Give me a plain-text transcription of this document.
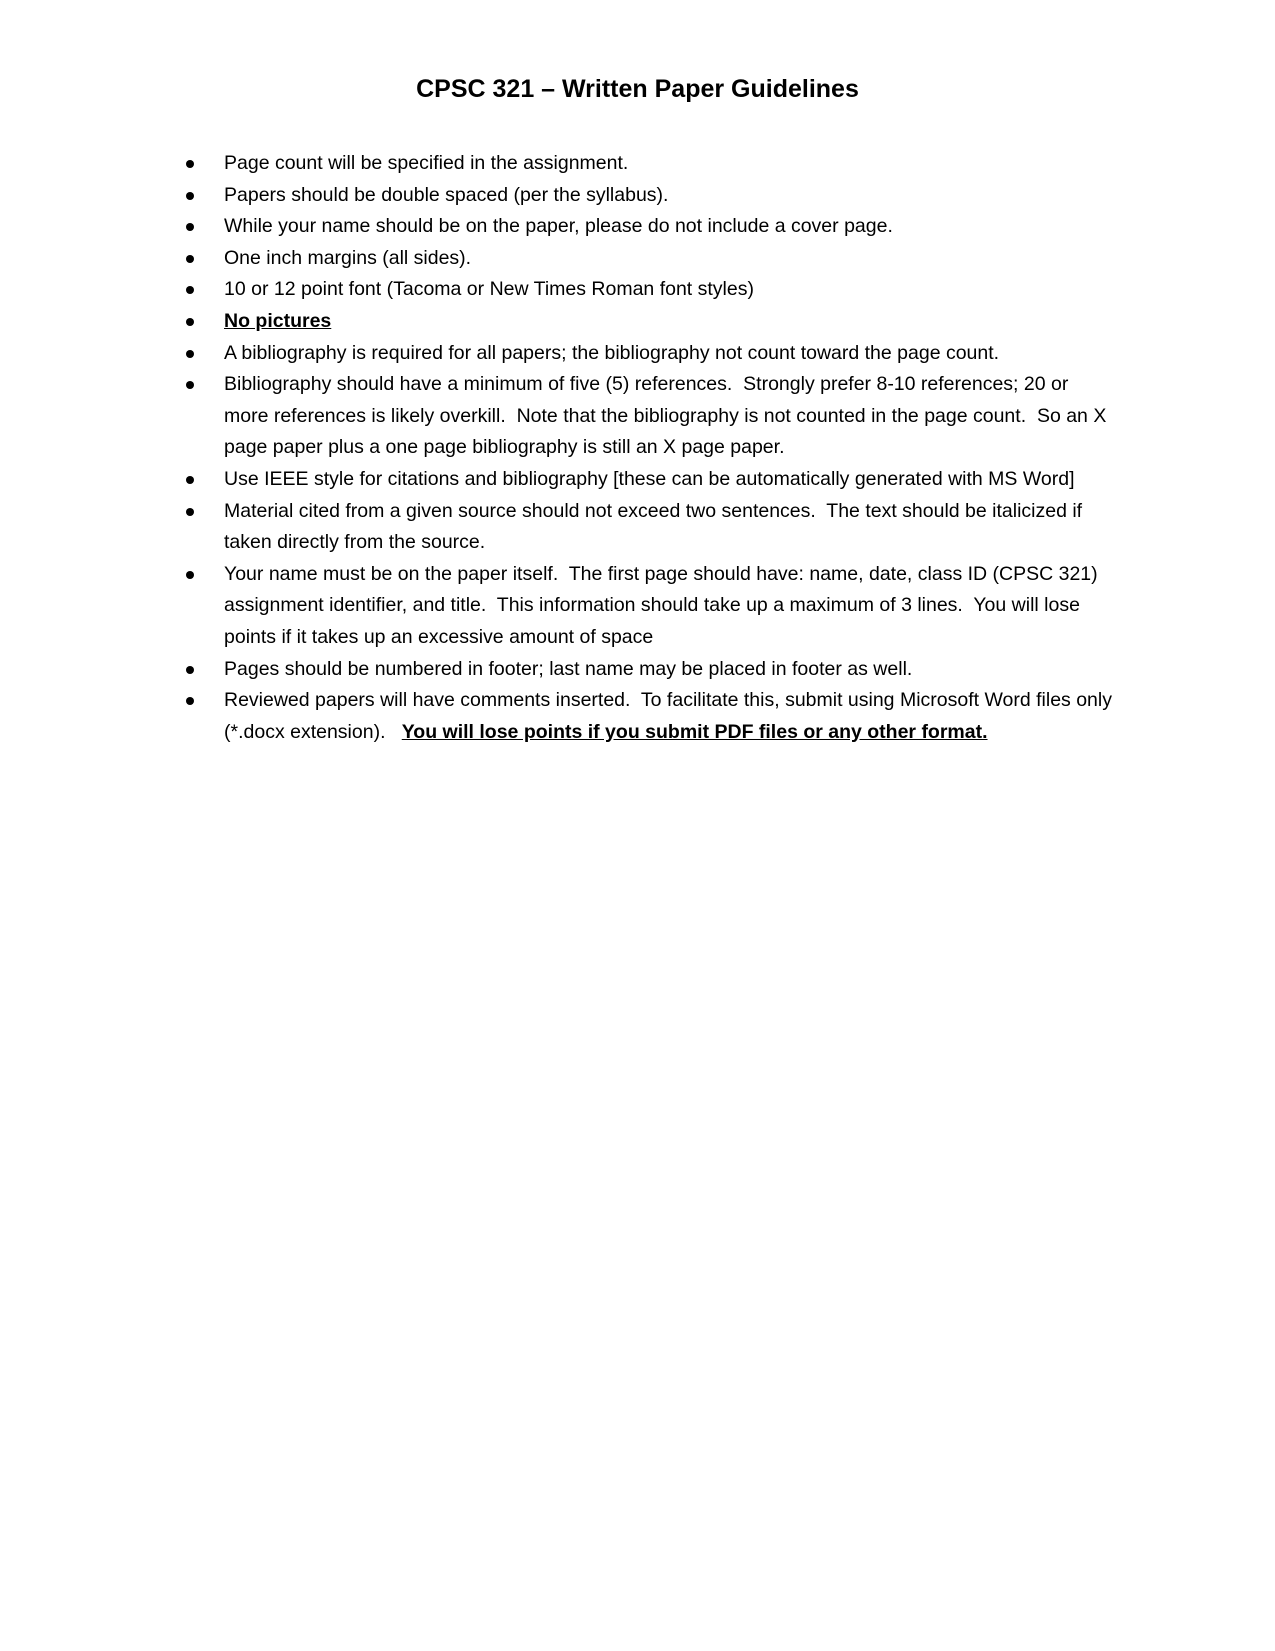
CPSC 321 – Written Paper Guidelines
Page count will be specified in the assignment.
Papers should be double spaced (per the syllabus).
While your name should be on the paper, please do not include a cover page.
One inch margins (all sides).
10 or 12 point font (Tacoma or New Times Roman font styles)
No pictures
A bibliography is required for all papers; the bibliography not count toward the page count.
Bibliography should have a minimum of five (5) references.  Strongly prefer 8-10 references; 20 or more references is likely overkill.  Note that the bibliography is not counted in the page count.  So an X page paper plus a one page bibliography is still an X page paper.
Use IEEE style for citations and bibliography [these can be automatically generated with MS Word]
Material cited from a given source should not exceed two sentences.  The text should be italicized if taken directly from the source.
Your name must be on the paper itself.  The first page should have: name, date, class ID (CPSC 321) assignment identifier, and title.  This information should take up a maximum of 3 lines.  You will lose points if it takes up an excessive amount of space
Pages should be numbered in footer; last name may be placed in footer as well.
Reviewed papers will have comments inserted.  To facilitate this, submit using Microsoft Word files only (*.docx extension).   You will lose points if you submit PDF files or any other format.
